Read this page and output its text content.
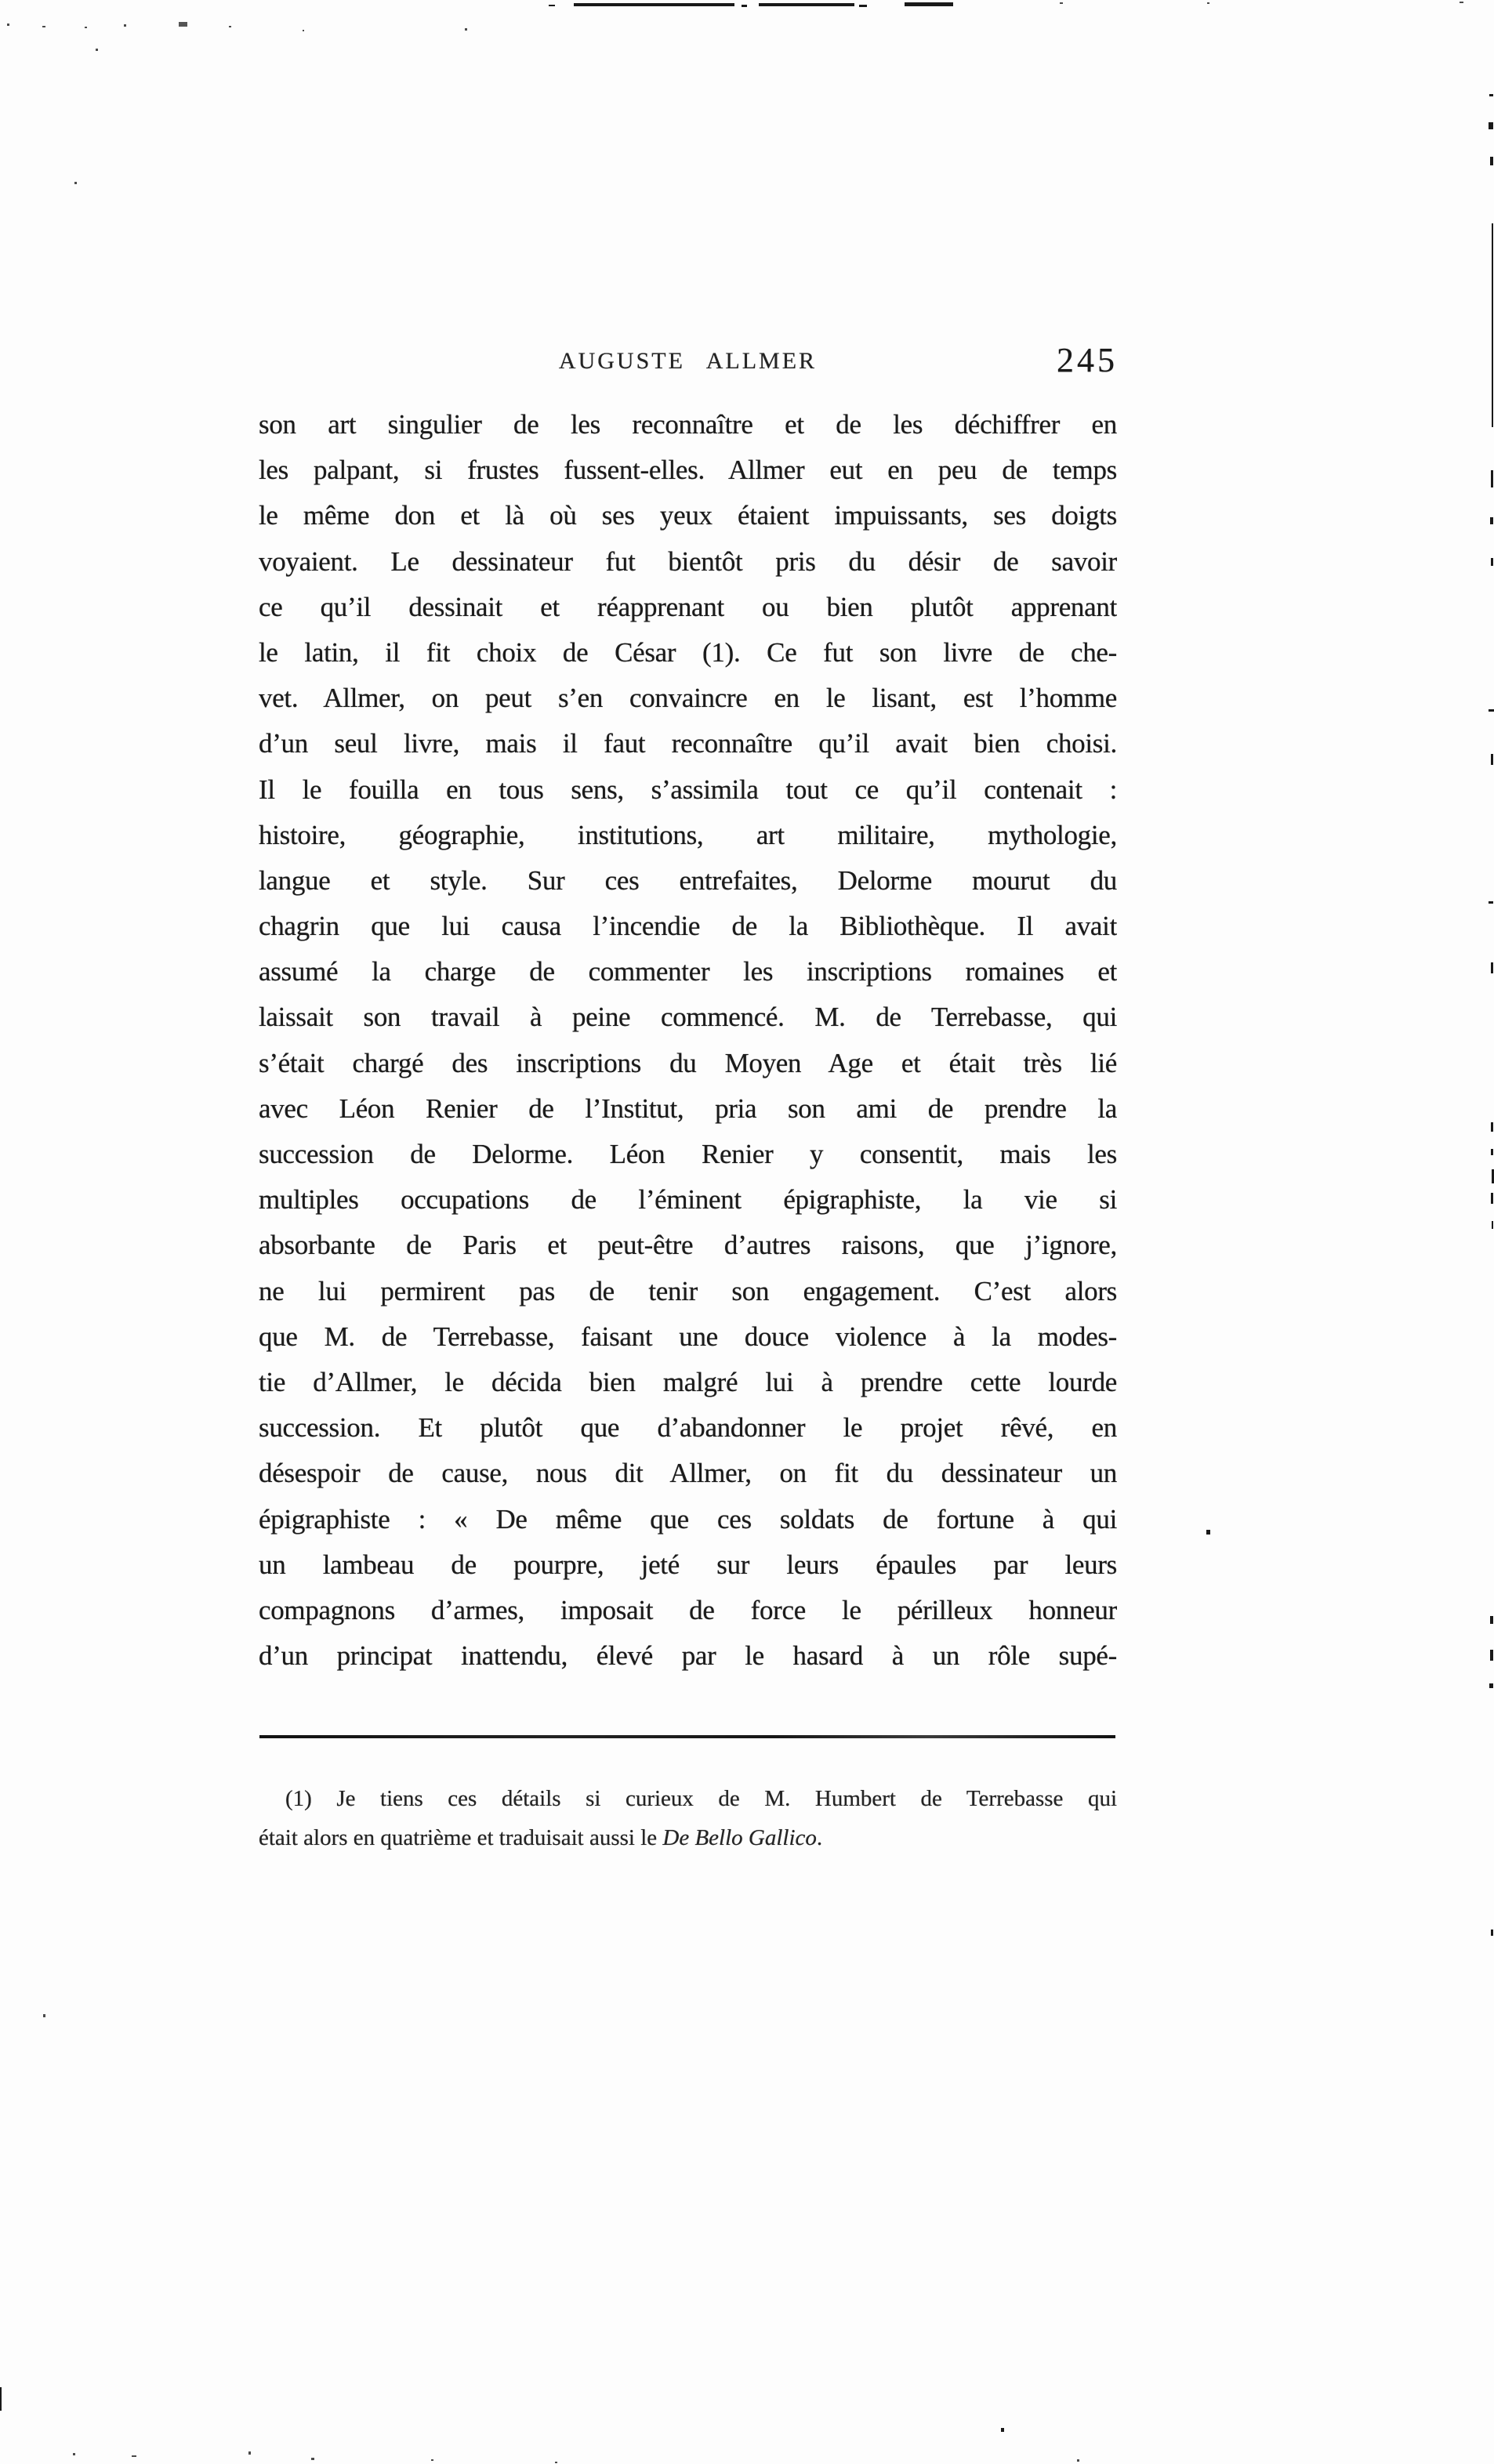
AUGUSTE ALLMER	245
son art singulier de les reconnaître et de les déchiffrer en
les palpant, si frustes fussent-elles. Allmer eut en peu de temps
le même don et là où ses yeux étaient impuissants, ses doigts
voyaient. Le dessinateur fut bientôt pris du désir de savoir
ce qu’il dessinait et réapprenant ou bien plutôt apprenant
le latin, il fit choix de César (1). Ce fut son livre de che-
vet. Allmer, on peut s’en convaincre en le lisant, est l’homme
d’un seul livre, mais il faut reconnaître qu’il avait bien choisi.
Il le fouilla en tous sens, s’assimila tout ce qu’il contenait :
histoire, géographie, institutions, art militaire, mythologie,
langue et style. Sur ces entrefaites, Delorme mourut du
chagrin que lui causa l’incendie de la Bibliothèque. Il avait
assumé la charge de commenter les inscriptions romaines et
laissait son travail à peine commencé. M. de Terrebasse, qui
s’était chargé des inscriptions du Moyen Age et était très lié
avec Léon Renier de l’Institut, pria son ami de prendre la
succession de Delorme. Léon Renier y consentit, mais les
multiples occupations de l’éminent épigraphiste, la vie si
absorbante de Paris et peut-être d’autres raisons, que j’ignore,
ne lui permirent pas de tenir son engagement. C’est alors
que M. de Terrebasse, faisant une douce violence à la modes-
tie d’Allmer, le décida bien malgré lui à prendre cette lourde
succession. Et plutôt que d’abandonner le projet rêvé, en
désespoir de cause, nous dit Allmer, on fit du dessinateur un
épigraphiste : « De même que ces soldats de fortune à qui
un lambeau de pourpre, jeté sur leurs épaules par leurs
compagnons d’armes, imposait de force le périlleux honneur
d’un principat inattendu, élevé par le hasard à un rôle supé-
(1) Je tiens ces détails si curieux de M. Humbert de Terrebasse qui
était alors en quatrième et traduisait aussi le De Bello Gallico.
